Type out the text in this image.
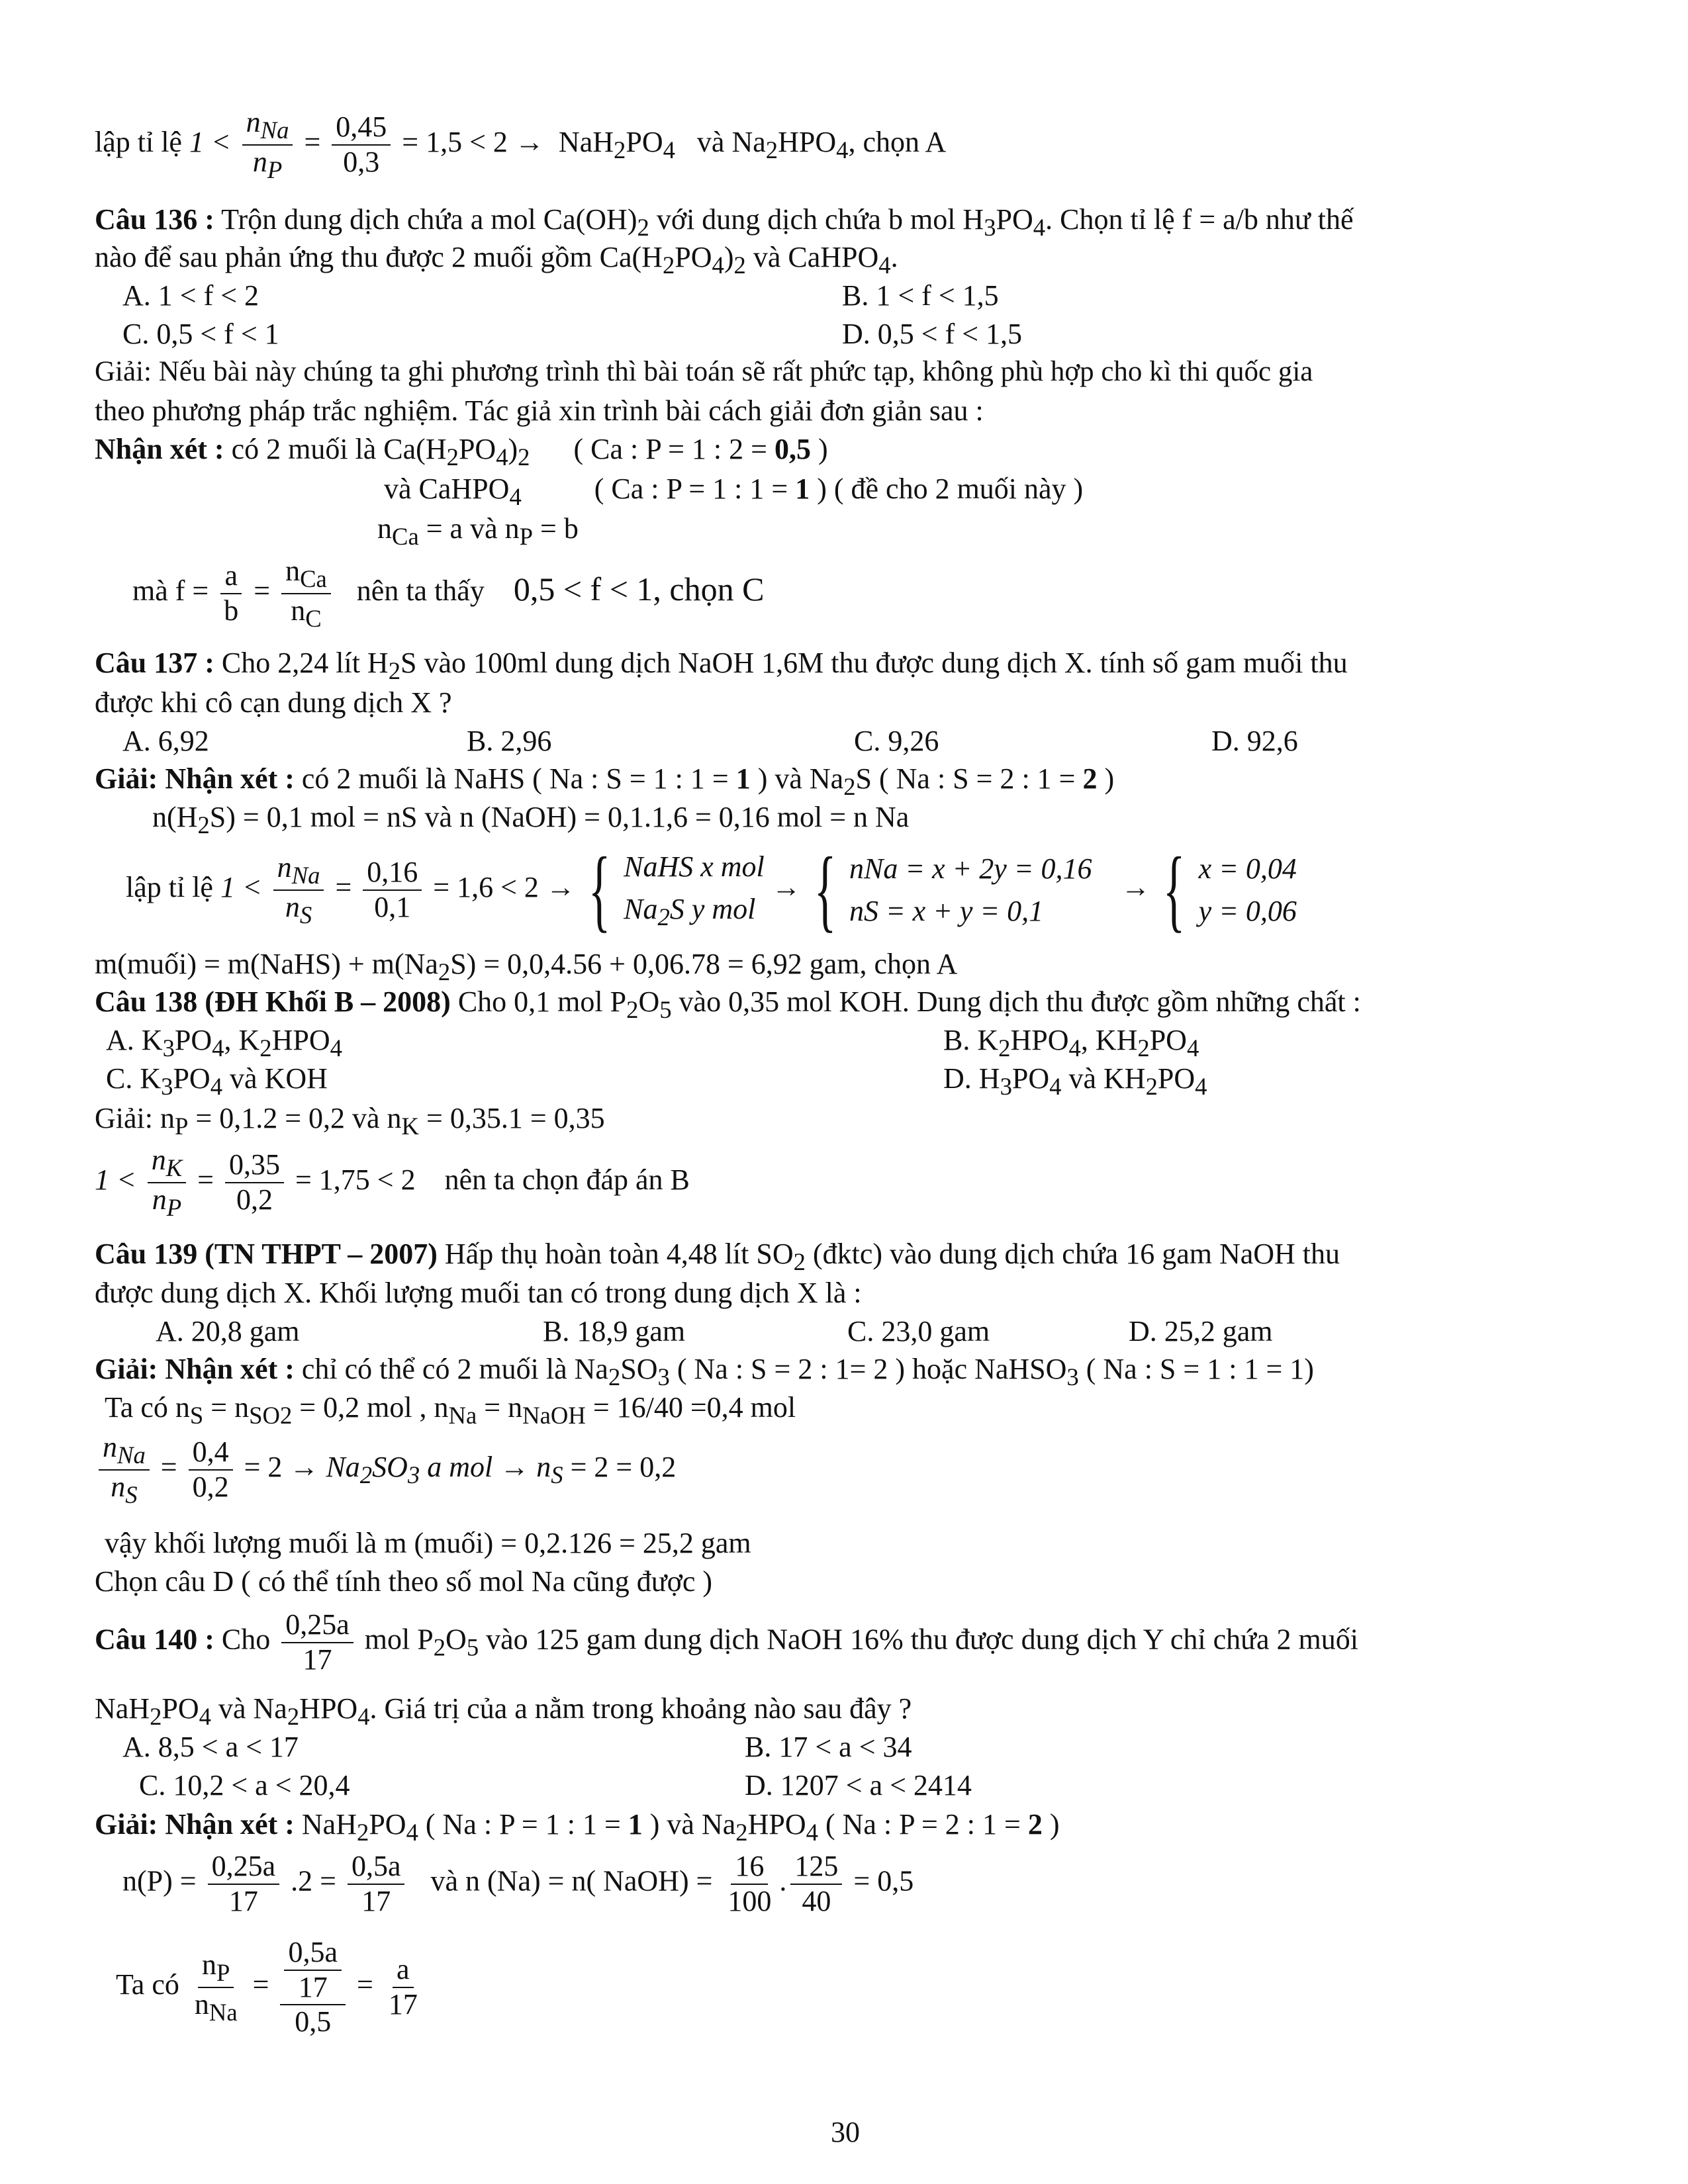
lập tỉ lệ 1 <
$n_{Na}$
$n_P$
= $\frac{0,45}{0,3} = 1,5 < 2 \to NaH_2PO_4$ và $Na_2HPO_4$, chọn A
Câu 136 : Trộn dung dịch chứa a mol $Ca(OH)_2$ với dung dịch chứa b mol $H_3PO_4$. Chọn tỉ lệ f = a/b như thế
nào để sau phản ứng thu được 2 muối gồm $Ca(H_2PO_4)_2$ và CaHPO$_4$.
A. 1 < f < 2	B. 1 < f < 1,5
C. 0,5 < f < 1	D. 0,5 < f < 1,5
Giải: Nếu bài này chúng ta ghi phương trình thì bài toán sẽ rất phức tạp, không phù hợp cho kì thi quốc gia
theo phương pháp trắc nghiệm. Tác giả xin trình bài cách giải đơn giản sau :
Nhận xét : có 2 muối là $Ca(H_2PO_4)_2$ ( Ca : P = 1 : 2 = 0,5 )
và CaHPO$_4$	( Ca : P = 1 : 1 = 1 ) ( đề cho 2 muối này )
$n_{Ca} = a$ và $n_P = b$
mà $f = \frac{a}{b}$ =
$n_{Ca}$
$n_C$
nên ta thấy 0,5 < f < 1, chọn C
Câu 137 : Cho 2,24 lít $H_2S$ vào 100ml dung dịch NaOH 1,6M thu được dung dịch X. tính số gam muối thu
được khi cô cạn dung dịch X ?
A. 6,92	B. 2,96	C. 9,26	D. 92,6
Giải: Nhận xét : có 2 muối là NaHS ( Na : S = 1 : 1 = 1 ) và $Na_2S$ ( Na : S = 2 : 1 = 2 )
$n(H_2S) = 0,1$ mol = nS và n (NaOH) = 0,1.1,6 = 0,16 mol = n Na
lập tỉ lệ 1 <
$n_{Na}$
$n_S$
= $\frac{0,16}{0,1} = 1,6 < 2$ → { NaHS x mol
$Na_2S$ y mol
→ { nNa = x + 2y = 0,16
nS = x + y = 0,1
→ { x = 0,04
y = 0,06
m(muối) = m(NaHS) + $m(Na_2S) = 0,0,4.56 + 0,06.78 = 6,92$ gam, chọn A
Câu 138 (ĐH Khối B – 2008) Cho 0,1 mol $P_2O_5$ vào 0,35 mol KOH. Dung dịch thu được gồm những chất :
A. $K_3PO_4$, $K_2HPO_4$	B. $K_2HPO_4$, $KH_2PO_4$
C. $K_3PO_4$ và KOH	D. $H_3PO_4$ và $KH_2PO_4$
Giải: $n_P = 0,1.2 = 0,2$ và $n_K = 0,35.1 = 0,35$
$1 < \frac{n_K}{n_P} = \frac{0,35}{0,2} = 1,75 < 2$ nên ta chọn đáp án B
Câu 139 (TN THPT – 2007) Hấp thụ hoàn toàn 4,48 lít $SO_2$ (đktc) vào dung dịch chứa 16 gam NaOH thu
được dung dịch X. Khối lượng muối tan có trong dung dịch X là :
A. 20,8 gam	B. 18,9 gam	C. 23,0 gam	D. 25,2 gam
Giải: Nhận xét : chỉ có thể có 2 muối là $Na_2SO_3$ ( Na : S = 2 : 1= 2 ) hoặc NaHSO$_3$ ( Na : S = 1 : 1 = 1)
Ta có $n_S = n_{SO2} = 0,2$ mol , $n_{Na} = n_{NaOH} = 16/40 =0,4$ mol
$n_{Na}$
$n_S$
= $\frac{0,4}{0,2} = 2 \to Na_2SO_3$ a mol → $n_S = 2 = 0,2$
vậy khối lượng muối là m (muối) = 0,2.126 = 25,2 gam
Chọn câu D ( có thể tính theo số mol Na cũng được )
Câu 140 : Cho $\frac{0,25a}{17}$ mol $P_2O_5$ vào 125 gam dung dịch NaOH 16% thu được dung dịch Y chỉ chứa 2 muối
$NaH_2PO_4$ và $Na_2HPO_4$. Giá trị của a nằm trong khoảng nào sau đây ?
A. 8,5 < a < 17	B. 17 < a < 34
C. 10,2 < a < 20,4	D. 1207 < a < 2414
Giải: Nhận xét : $NaH_2PO_4$ ( Na : P = 1 : 1 = 1 ) và $Na_2HPO_4$ ( Na : P = 2 : 1 = 2 )
$n(P) = \frac{0,25a}{17} .2 = \frac{0,5a}{17}$ và n (Na) = n( NaOH) = $\frac{16}{100}$ . $\frac{125}{40} = 0,5$
Ta có
$n_P$
$n_{Na}$
= $\frac{\frac{0,5a}{17}}{0,5} = \frac{a}{17}$
30
